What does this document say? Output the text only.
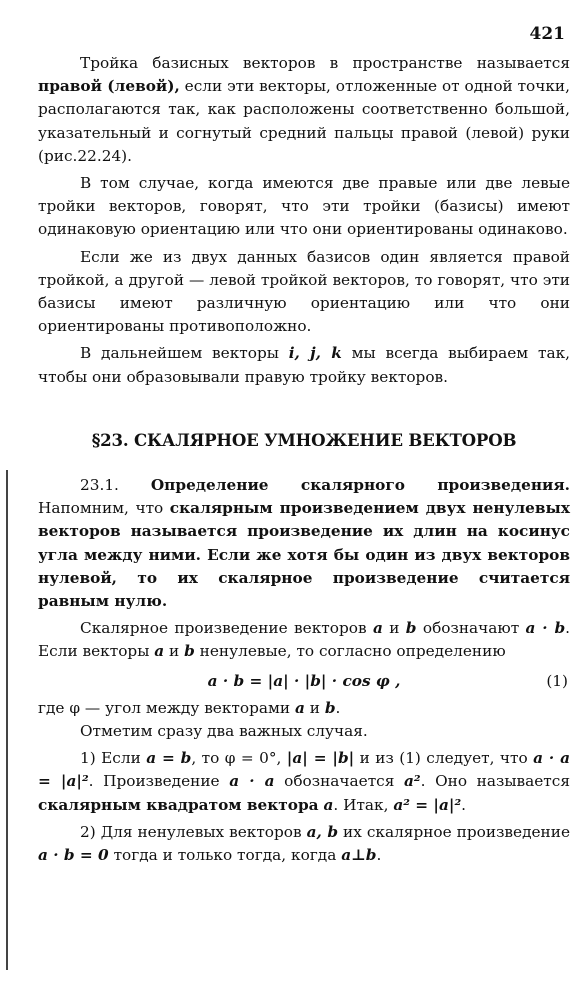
421

Тройка базисных векторов в пространстве называется правой (левой), если эти векторы, отложенные от одной точки, располагаются так, как расположены соответственно большой, указательный и согнутый средний пальцы правой (левой) руки (рис.22.24).

В том случае, когда имеются две правые или две левые тройки векторов, говорят, что эти тройки (базисы) имеют одинаковую ориентацию или что они ориентированы одинаково.

Если же из двух данных базисов один является правой тройкой, а другой — левой тройкой векторов, то говорят, что эти базисы имеют различную ориентацию или что они ориентированы противоположно.

В дальнейшем векторы i, j, k мы всегда выбираем так, чтобы они образовывали правую тройку векторов.

§23. СКАЛЯРНОЕ УМНОЖЕНИЕ ВЕКТОРОВ

23.1. Определение скалярного произведения. Напомним, что скалярным произведением двух ненулевых векторов называется произведение их длин на косинус угла между ними. Если же хотя бы один из двух векторов нулевой, то их скалярное произведение считается равным нулю.

Скалярное произведение векторов a и b обозначают a · b. Если векторы a и b ненулевые, то согласно определению

a · b = |a| · |b| · cos φ ,	(1)

где φ — угол между векторами a и b.

Отметим сразу два важных случая.

1) Если a = b, то φ = 0°, |a| = |b| и из (1) следует, что a · a = |a|². Произведение a · a обозначается a². Оно называется скалярным квадратом вектора a. Итак, a² = |a|².

2) Для ненулевых векторов a, b их скалярное произведение a · b = 0 тогда и только тогда, когда a⊥b.
